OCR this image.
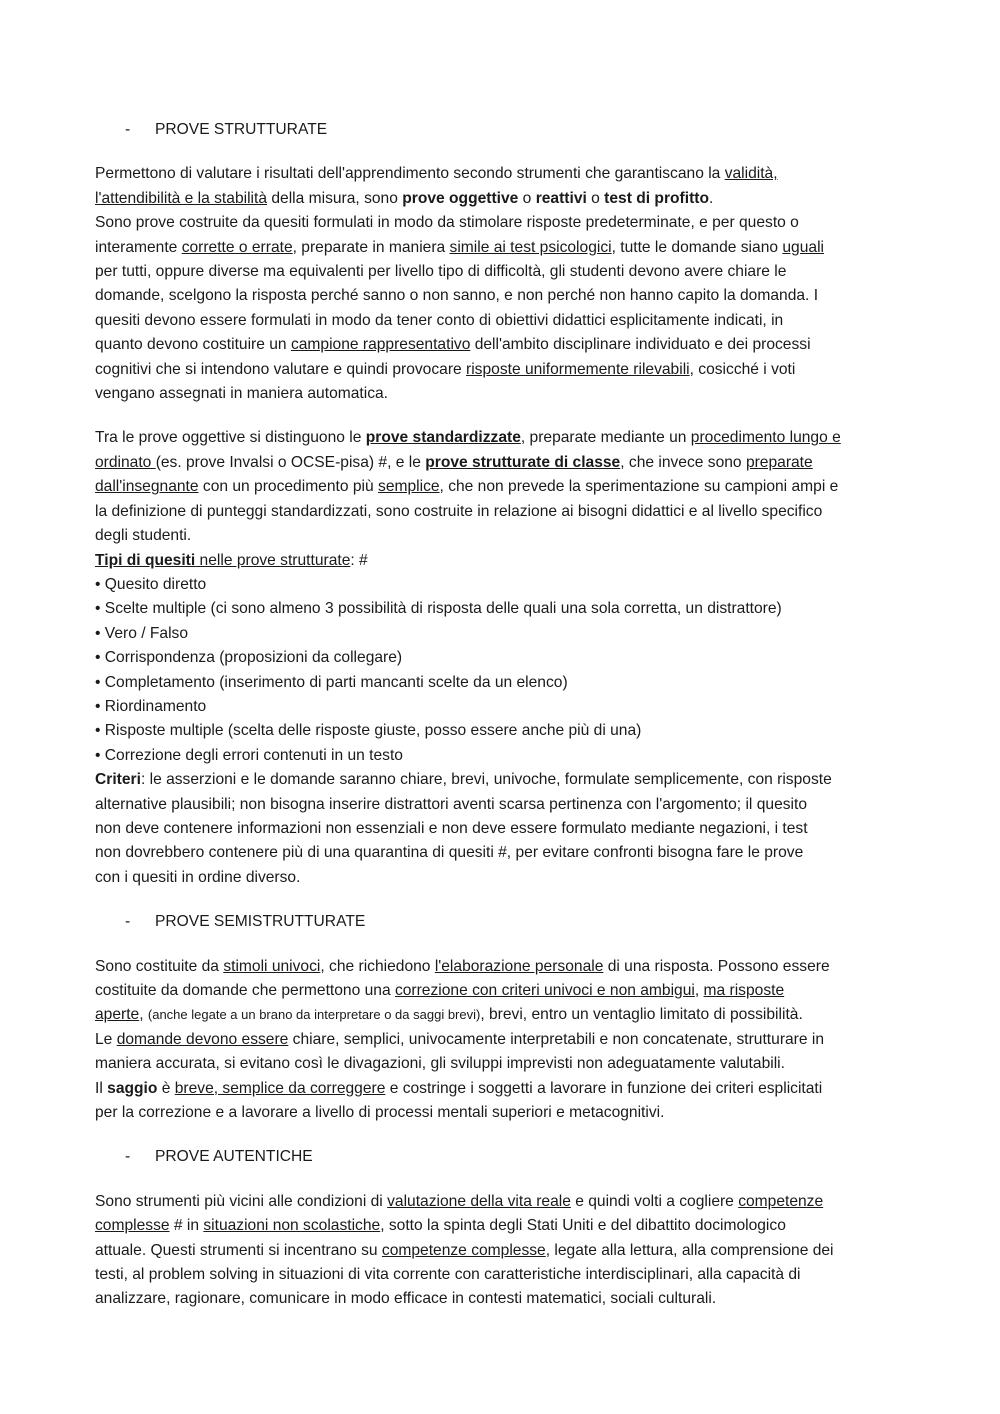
- PROVE STRUTTURATE
Permettono di valutare i risultati dell'apprendimento secondo strumenti che garantiscano la validità,
l'attendibilità e la stabilità della misura, sono prove oggettive o reattivi o test di profitto.
Sono prove costruite da quesiti formulati in modo da stimolare risposte predeterminate, e per questo o
interamente corrette o errate, preparate in maniera simile ai test psicologici, tutte le domande siano uguali
per tutti, oppure diverse ma equivalenti per livello tipo di difficoltà, gli studenti devono avere chiare le
domande, scelgono la risposta perché sanno o non sanno, e non perché non hanno capito la domanda. I
quesiti devono essere formulati in modo da tener conto di obiettivi didattici esplicitamente indicati, in
quanto devono costituire un campione rappresentativo dell'ambito disciplinare individuato e dei processi
cognitivi che si intendono valutare e quindi provocare risposte uniformemente rilevabili, cosicché i voti
vengano assegnati in maniera automatica.
Tra le prove oggettive si distinguono le prove standardizzate, preparate mediante un procedimento lungo e
ordinato (es. prove Invalsi o OCSE-pisa) #, e le prove strutturate di classe, che invece sono preparate
dall'insegnante con un procedimento più semplice, che non prevede la sperimentazione su campioni ampi e
la definizione di punteggi standardizzati, sono costruite in relazione ai bisogni didattici e al livello specifico
degli studenti.
Tipi di quesiti nelle prove strutturate: #
• Quesito diretto
• Scelte multiple (ci sono almeno 3 possibilità di risposta delle quali una sola corretta, un distrattore)
• Vero / Falso
• Corrispondenza (proposizioni da collegare)
• Completamento (inserimento di parti mancanti scelte da un elenco)
• Riordinamento
• Risposte multiple (scelta delle risposte giuste, posso essere anche più di una)
• Correzione degli errori contenuti in un testo
Criteri: le asserzioni e le domande saranno chiare, brevi, univoche, formulate semplicemente, con risposte
alternative plausibili; non bisogna inserire distrattori aventi scarsa pertinenza con l'argomento; il quesito
non deve contenere informazioni non essenziali e non deve essere formulato mediante negazioni, i test
non dovrebbero contenere più di una quarantina di quesiti #, per evitare confronti bisogna fare le prove
con i quesiti in ordine diverso.
- PROVE SEMISTRUTTURATE
Sono costituite da stimoli univoci, che richiedono l'elaborazione personale di una risposta. Possono essere
costituite da domande che permettono una correzione con criteri univoci e non ambigui, ma risposte
aperte, (anche legate a un brano da interpretare o da saggi brevi), brevi, entro un ventaglio limitato di possibilità.
Le domande devono essere chiare, semplici, univocamente interpretabili e non concatenate, strutturare in
maniera accurata, si evitano così le divagazioni, gli sviluppi imprevisti non adeguatamente valutabili.
Il saggio è breve, semplice da correggere e costringe i soggetti a lavorare in funzione dei criteri esplicitati
per la correzione e a lavorare a livello di processi mentali superiori e metacognitivi.
- PROVE AUTENTICHE
Sono strumenti più vicini alle condizioni di valutazione della vita reale e quindi volti a cogliere competenze
complesse # in situazioni non scolastiche, sotto la spinta degli Stati Uniti e del dibattito docimologico
attuale. Questi strumenti si incentrano su competenze complesse, legate alla lettura, alla comprensione dei
testi, al problem solving in situazioni di vita corrente con caratteristiche interdisciplinari, alla capacità di
analizzare, ragionare, comunicare in modo efficace in contesti matematici, sociali culturali.
